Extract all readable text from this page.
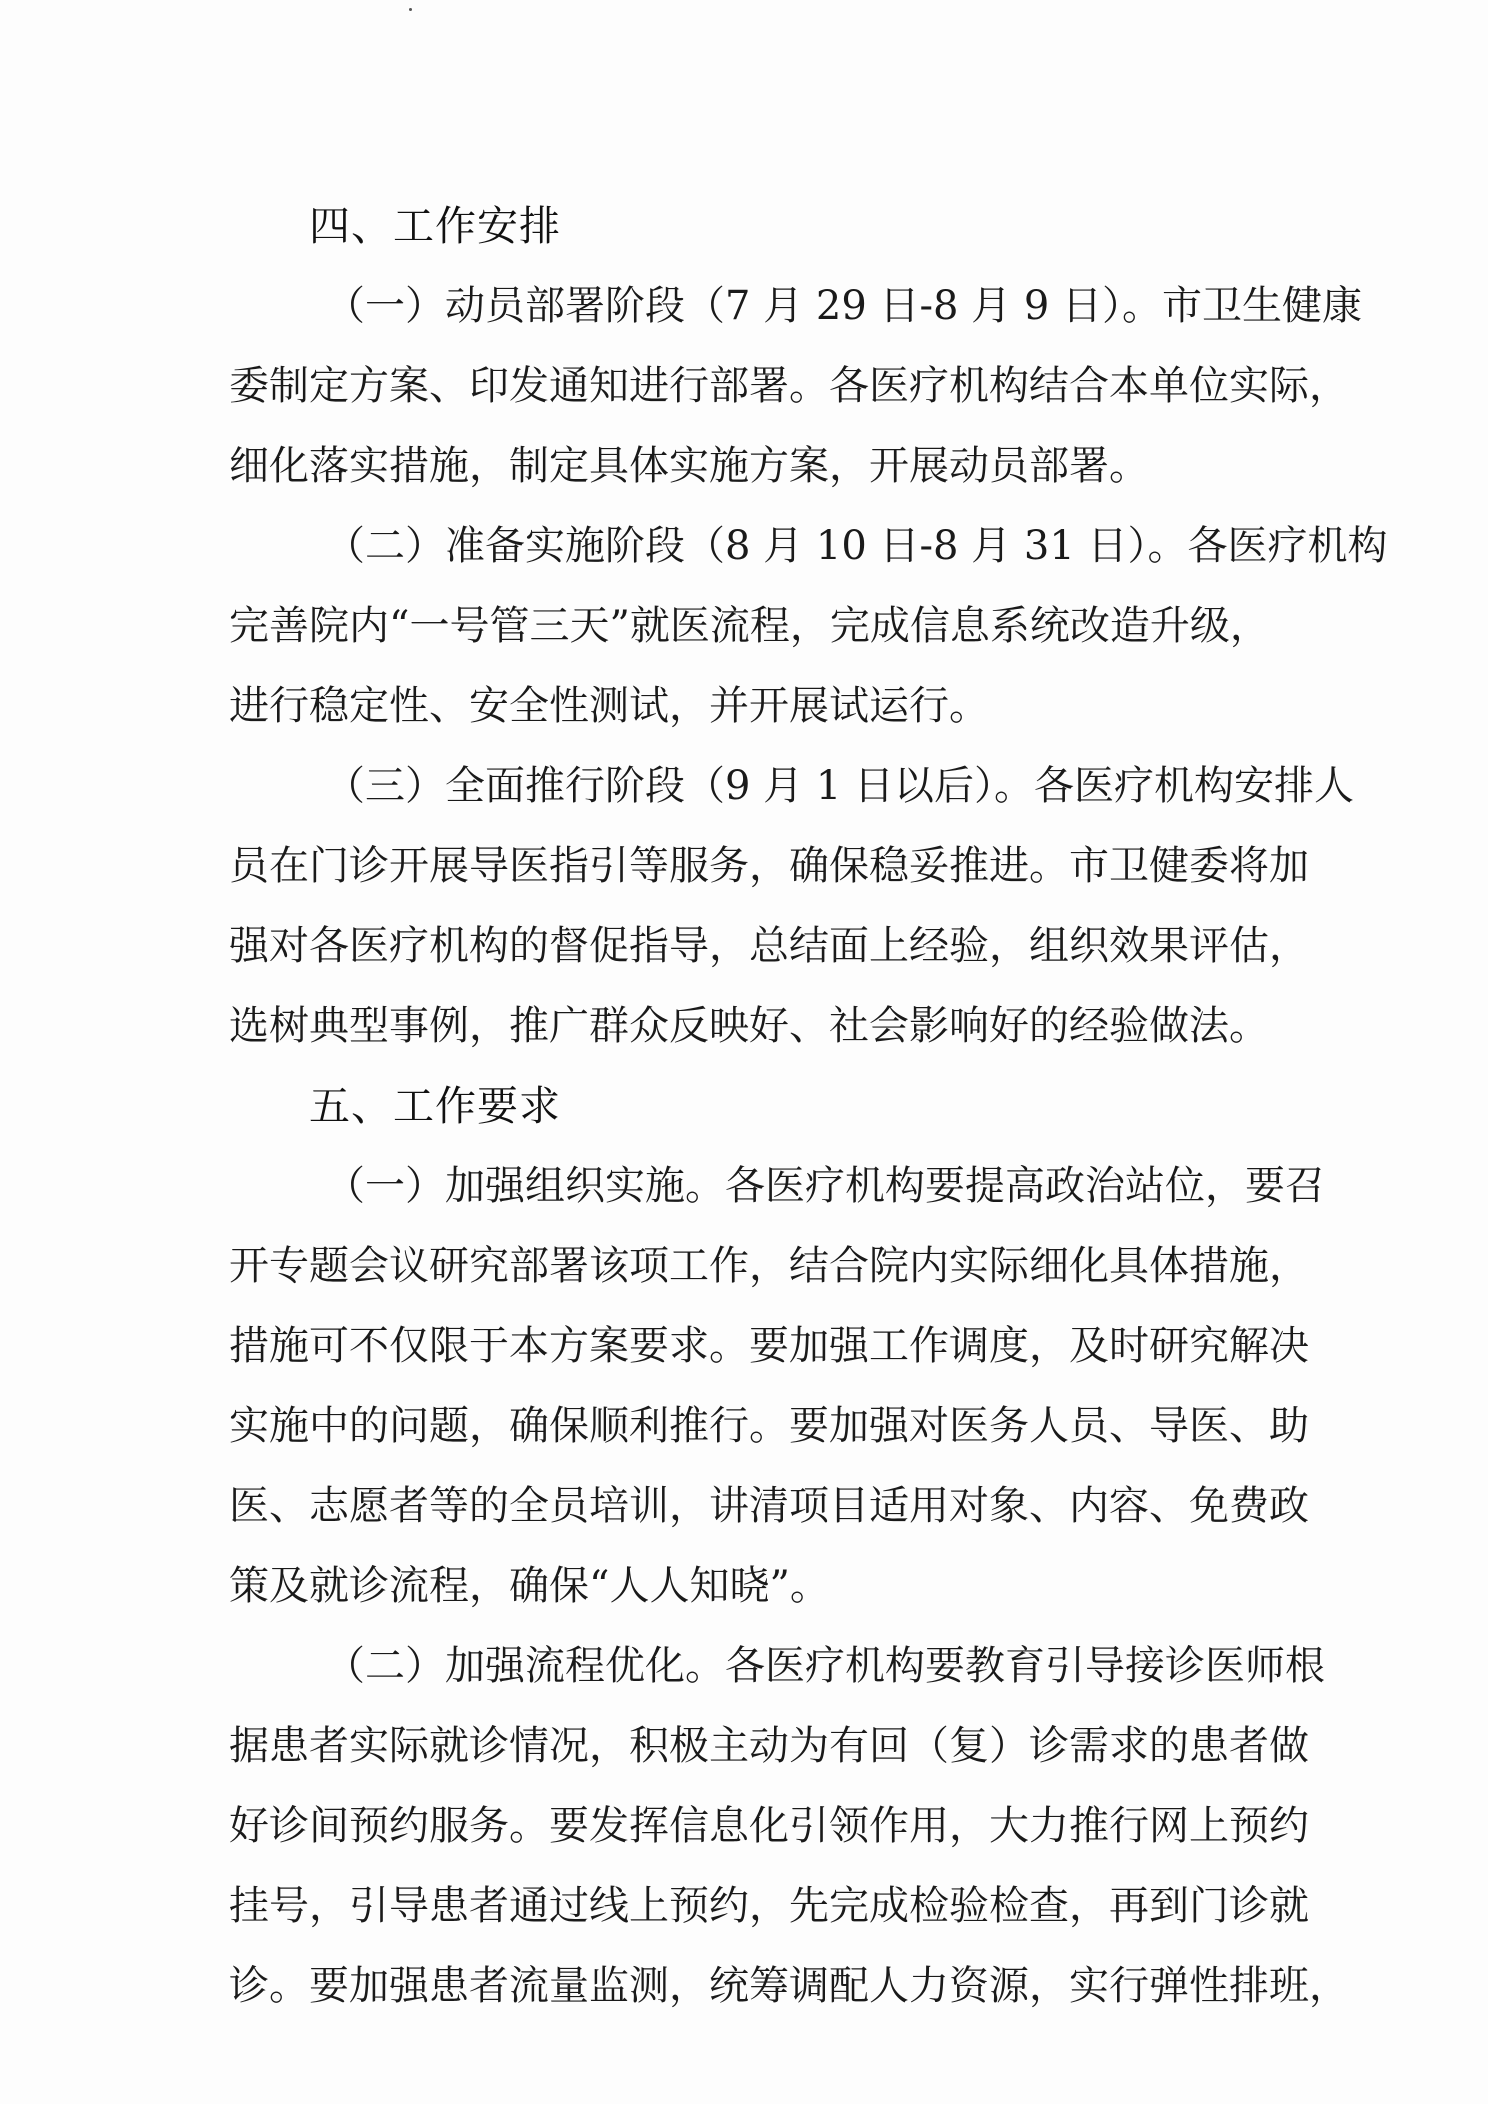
四、工作安排
（一）动员部署阶段（7 月 29 日-8 月 9 日）。市卫生健康
委制定方案、印发通知进行部署。各医疗机构结合本单位实际，
细化落实措施，制定具体实施方案，开展动员部署。
（二）准备实施阶段（8 月 10 日-8 月 31 日）。各医疗机构
完善院内“一号管三天”就医流程，完成信息系统改造升级，
进行稳定性、安全性测试，并开展试运行。
（三）全面推行阶段（9 月 1 日以后）。各医疗机构安排人
员在门诊开展导医指引等服务，确保稳妥推进。市卫健委将加
强对各医疗机构的督促指导，总结面上经验，组织效果评估，
选树典型事例，推广群众反映好、社会影响好的经验做法。
五、工作要求
（一）加强组织实施。各医疗机构要提高政治站位，要召
开专题会议研究部署该项工作，结合院内实际细化具体措施，
措施可不仅限于本方案要求。要加强工作调度，及时研究解决
实施中的问题，确保顺利推行。要加强对医务人员、导医、助
医、志愿者等的全员培训，讲清项目适用对象、内容、免费政
策及就诊流程，确保“人人知晓”。
（二）加强流程优化。各医疗机构要教育引导接诊医师根
据患者实际就诊情况，积极主动为有回（复）诊需求的患者做
好诊间预约服务。要发挥信息化引领作用，大力推行网上预约
挂号，引导患者通过线上预约，先完成检验检查，再到门诊就
诊。要加强患者流量监测，统筹调配人力资源，实行弹性排班，
